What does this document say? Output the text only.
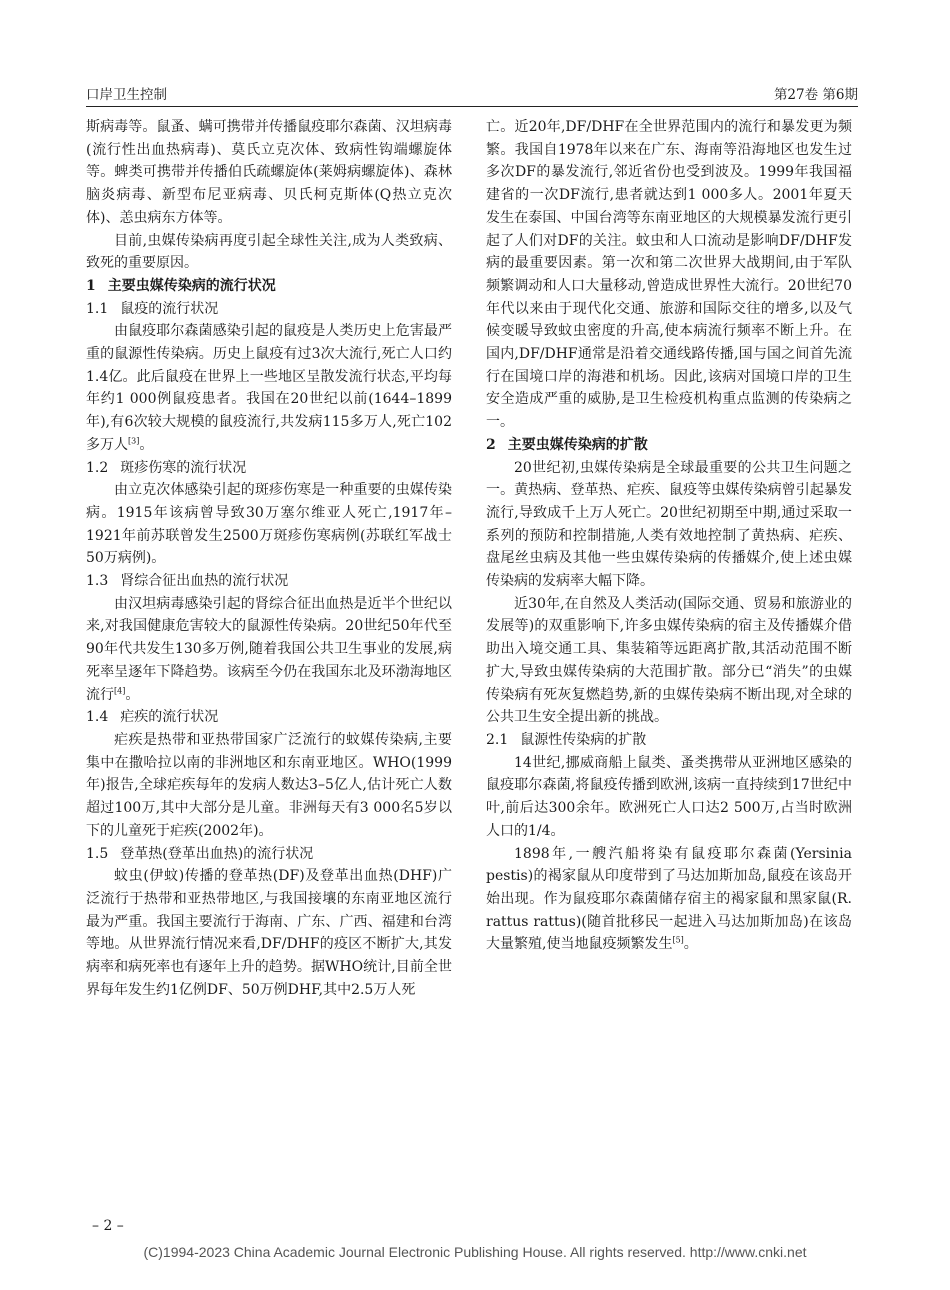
口岸卫生控制	第27卷 第6期

斯病毒等。鼠蚤、螨可携带并传播鼠疫耶尔森菌、汉坦病毒(流行性出血热病毒)、莫氏立克次体、致病性钩端螺旋体等。蜱类可携带并传播伯氏疏螺旋体(莱姆病螺旋体)、森林脑炎病毒、新型布尼亚病毒、贝氏柯克斯体(Q热立克次体)、恙虫病东方体等。

目前,虫媒传染病再度引起全球性关注,成为人类致病、致死的重要原因。

1 主要虫媒传染病的流行状况
1.1 鼠疫的流行状况

由鼠疫耶尔森菌感染引起的鼠疫是人类历史上危害最严重的鼠源性传染病。历史上鼠疫有过3次大流行,死亡人口约1.4亿。此后鼠疫在世界上一些地区呈散发流行状态,平均每年约1 000例鼠疫患者。我国在20世纪以前(1644–1899年),有6次较大规模的鼠疫流行,共发病115多万人,死亡102多万人[3]。

1.2 斑疹伤寒的流行状况

由立克次体感染引起的斑疹伤寒是一种重要的虫媒传染病。1915年该病曾导致30万塞尔维亚人死亡,1917年–1921年前苏联曾发生2500万斑疹伤寒病例(苏联红军战士50万病例)。

1.3 肾综合征出血热的流行状况

由汉坦病毒感染引起的肾综合征出血热是近半个世纪以来,对我国健康危害较大的鼠源性传染病。20世纪50年代至90年代共发生130多万例,随着我国公共卫生事业的发展,病死率呈逐年下降趋势。该病至今仍在我国东北及环渤海地区流行[4]。

1.4 疟疾的流行状况

疟疾是热带和亚热带国家广泛流行的蚊媒传染病,主要集中在撒哈拉以南的非洲地区和东南亚地区。WHO(1999年)报告,全球疟疾每年的发病人数达3–5亿人,估计死亡人数超过100万,其中大部分是儿童。非洲每天有3 000名5岁以下的儿童死于疟疾(2002年)。

1.5 登革热(登革出血热)的流行状况

蚊虫(伊蚊)传播的登革热(DF)及登革出血热(DHF)广泛流行于热带和亚热带地区,与我国接壤的东南亚地区流行最为严重。我国主要流行于海南、广东、广西、福建和台湾等地。从世界流行情况来看,DF/DHF的疫区不断扩大,其发病率和病死率也有逐年上升的趋势。据WHO统计,目前全世界每年发生约1亿例DF、50万例DHF,其中2.5万人死

亡。近20年,DF/DHF在全世界范围内的流行和暴发更为频繁。我国自1978年以来在广东、海南等沿海地区也发生过多次DF的暴发流行,邻近省份也受到波及。1999年我国福建省的一次DF流行,患者就达到1 000多人。2001年夏天发生在泰国、中国台湾等东南亚地区的大规模暴发流行更引起了人们对DF的关注。蚊虫和人口流动是影响DF/DHF发病的最重要因素。第一次和第二次世界大战期间,由于军队频繁调动和人口大量移动,曾造成世界性大流行。20世纪70年代以来由于现代化交通、旅游和国际交往的增多,以及气候变暖导致蚊虫密度的升高,使本病流行频率不断上升。在国内,DF/DHF通常是沿着交通线路传播,国与国之间首先流行在国境口岸的海港和机场。因此,该病对国境口岸的卫生安全造成严重的威胁,是卫生检疫机构重点监测的传染病之一。

2 主要虫媒传染病的扩散

20世纪初,虫媒传染病是全球最重要的公共卫生问题之一。黄热病、登革热、疟疾、鼠疫等虫媒传染病曾引起暴发流行,导致成千上万人死亡。20世纪初期至中期,通过采取一系列的预防和控制措施,人类有效地控制了黄热病、疟疾、盘尾丝虫病及其他一些虫媒传染病的传播媒介,使上述虫媒传染病的发病率大幅下降。

近30年,在自然及人类活动(国际交通、贸易和旅游业的发展等)的双重影响下,许多虫媒传染病的宿主及传播媒介借助出入境交通工具、集装箱等远距离扩散,其活动范围不断扩大,导致虫媒传染病的大范围扩散。部分已“消失”的虫媒传染病有死灰复燃趋势,新的虫媒传染病不断出现,对全球的公共卫生安全提出新的挑战。

2.1 鼠源性传染病的扩散

14世纪,挪威商船上鼠类、蚤类携带从亚洲地区感染的鼠疫耶尔森菌,将鼠疫传播到欧洲,该病一直持续到17世纪中叶,前后达300余年。欧洲死亡人口达2 500万,占当时欧洲人口的1/4。

1898年,一艘汽船将染有鼠疫耶尔森菌(Yersinia pestis)的褐家鼠从印度带到了马达加斯加岛,鼠疫在该岛开始出现。作为鼠疫耶尔森菌储存宿主的褐家鼠和黑家鼠(R. rattus rattus)(随首批移民一起进入马达加斯加岛)在该岛大量繁殖,使当地鼠疫频繁发生[5]。

– 2 –
(C)1994-2023 China Academic Journal Electronic Publishing House. All rights reserved. http://www.cnki.net
